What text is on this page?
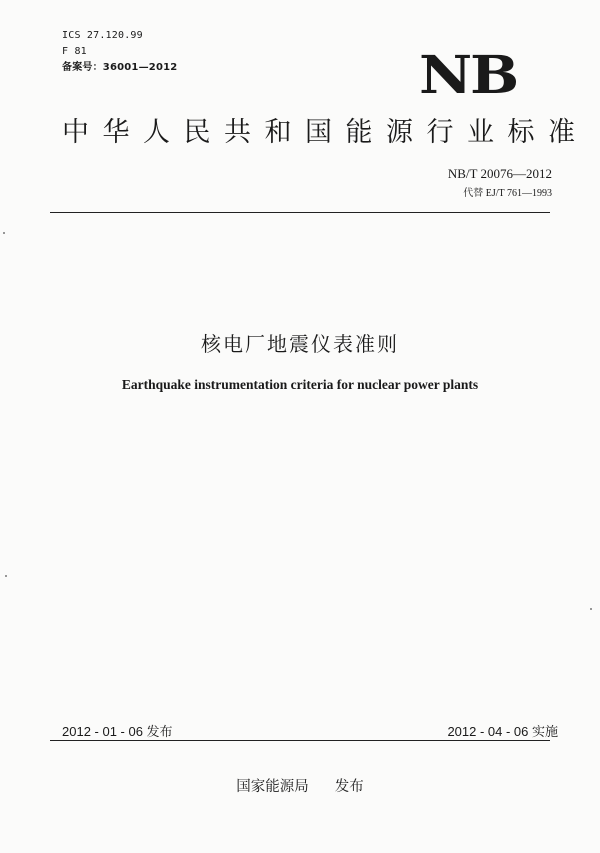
ICS 27.120.99
F 81
备案号：36001—2012	NB
中华人民共和国能源行业标准
NB/T 20076—2012
代替 EJ/T 761—1993
核电厂地震仪表准则
Earthquake instrumentation criteria for nuclear power plants
2012 - 01 - 06 发布	2012 - 04 - 06 实施
国家能源局 发布
